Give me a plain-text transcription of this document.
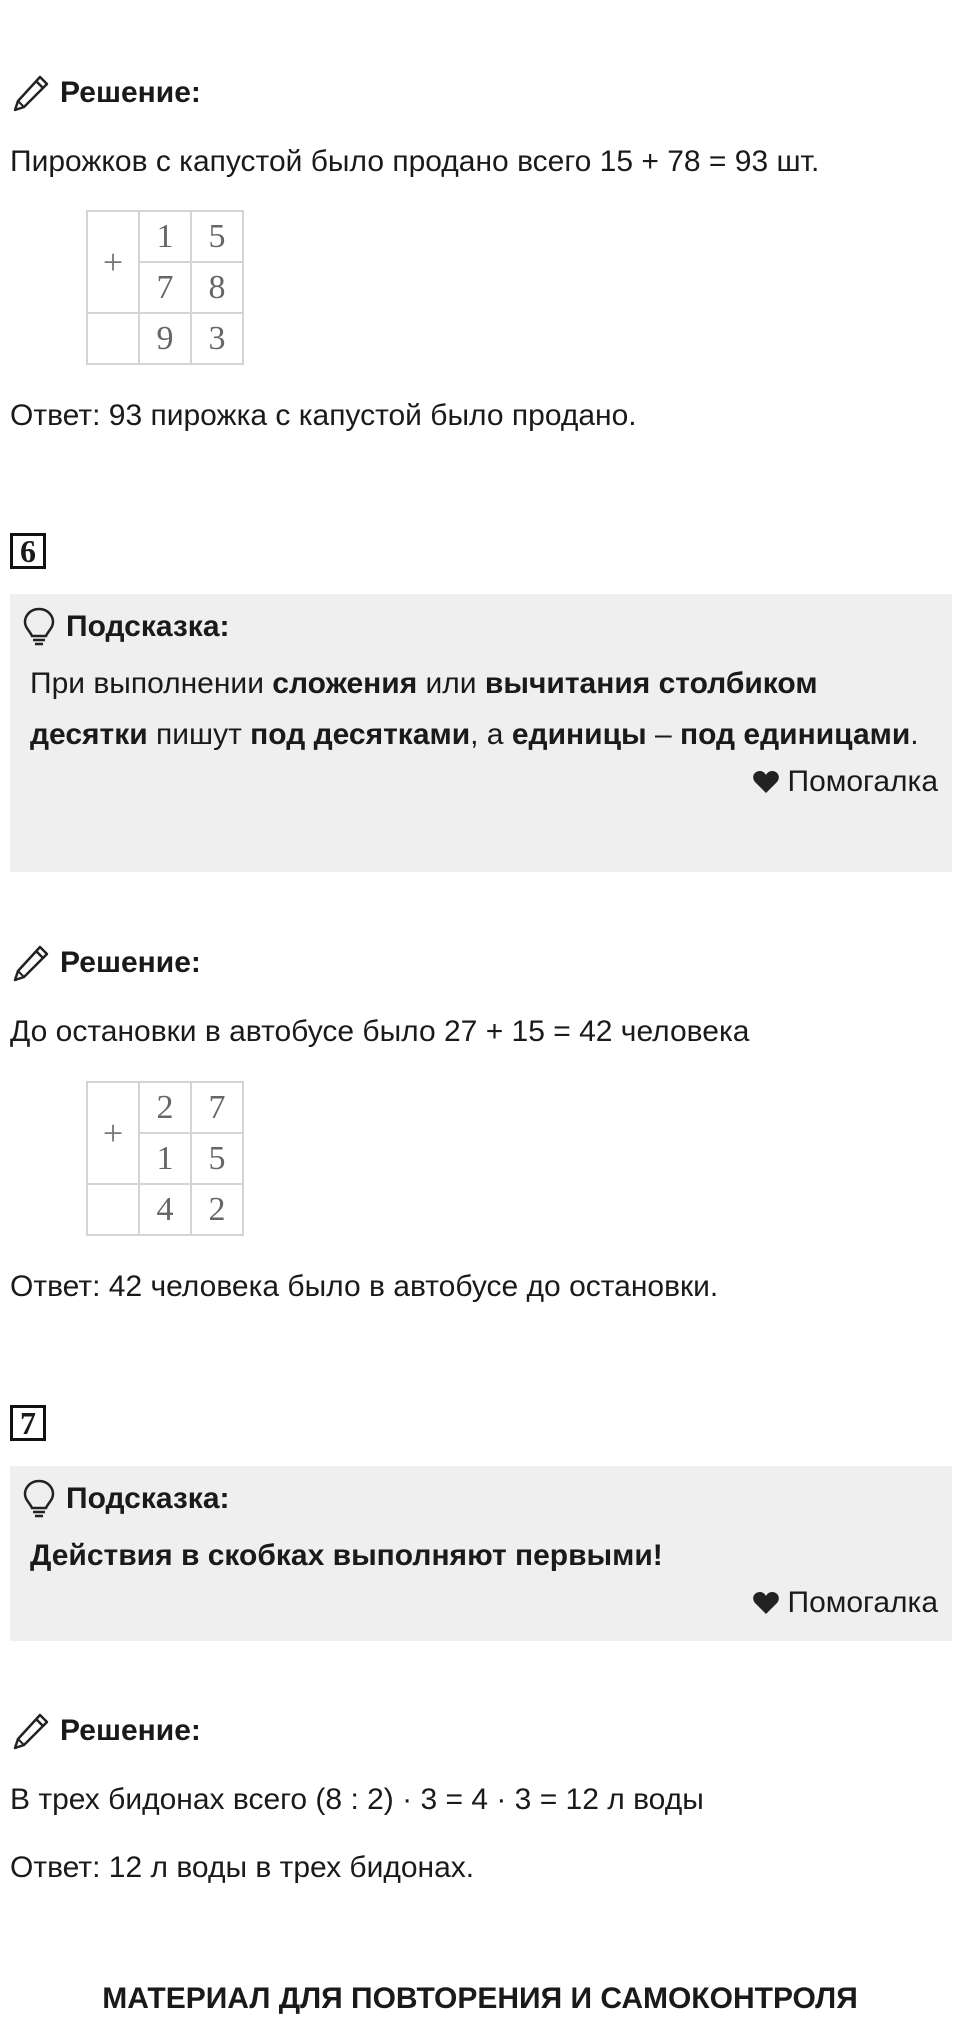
Решение:
Пирожков с капустой было продано всего 15 + 78 = 93 шт.
+	1	5
	7	8
	9	3
Ответ: 93 пирожка с капустой было продано.
6
Подсказка:
При выполнении сложения или вычитания столбиком десятки пишут под десятками, а единицы – под единицами.
Помогалка
Решение:
До остановки в автобусе было 27 + 15 = 42 человека
+	2	7
	1	5
	4	2
Ответ: 42 человека было в автобусе до остановки.
7
Подсказка:
Действия в скобках выполняют первыми!
Помогалка
Решение:
В трех бидонах всего (8 : 2) · 3 = 4 · 3 = 12 л воды
Ответ: 12 л воды в трех бидонах.
МАТЕРИАЛ ДЛЯ ПОВТОРЕНИЯ И САМОКОНТРОЛЯ
